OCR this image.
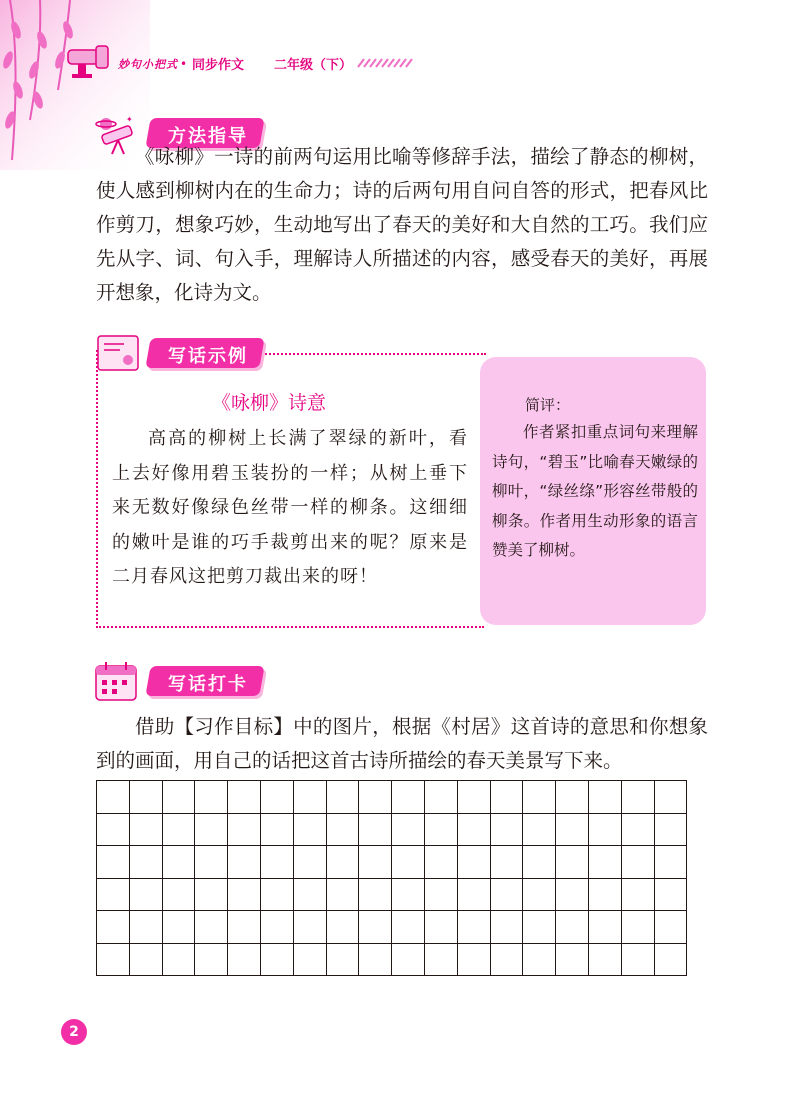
妙句小把式 • 同步作文 二年级（下）
✦
方法指导

《咏柳》一诗的前两句运用比喻等修辞手法，描绘了静态的柳树，使人感到柳树内在的生命力；诗的后两句用自问自答的形式，把春风比作剪刀，想象巧妙，生动地写出了春天的美好和大自然的工巧。我们应先从字、词、句入手，理解诗人所描述的内容，感受春天的美好，再展开想象，化诗为文。

写话示例
《咏柳》诗意

高高的柳树上长满了翠绿的新叶，看上去好像用碧玉装扮的一样；从树上垂下来无数好像绿色丝带一样的柳条。这细细的嫩叶是谁的巧手裁剪出来的呢？原来是二月春风这把剪刀裁出来的呀！

简评：

作者紧扣重点词句来理解诗句，“碧玉”比喻春天嫩绿的柳叶，“绿丝绦”形容丝带般的柳条。作者用生动形象的语言赞美了柳树。

写话打卡

借助【习作目标】中的图片，根据《村居》这首诗的意思和你想象到的画面，用自己的话把这首古诗所描绘的春天美景写下来。

2
